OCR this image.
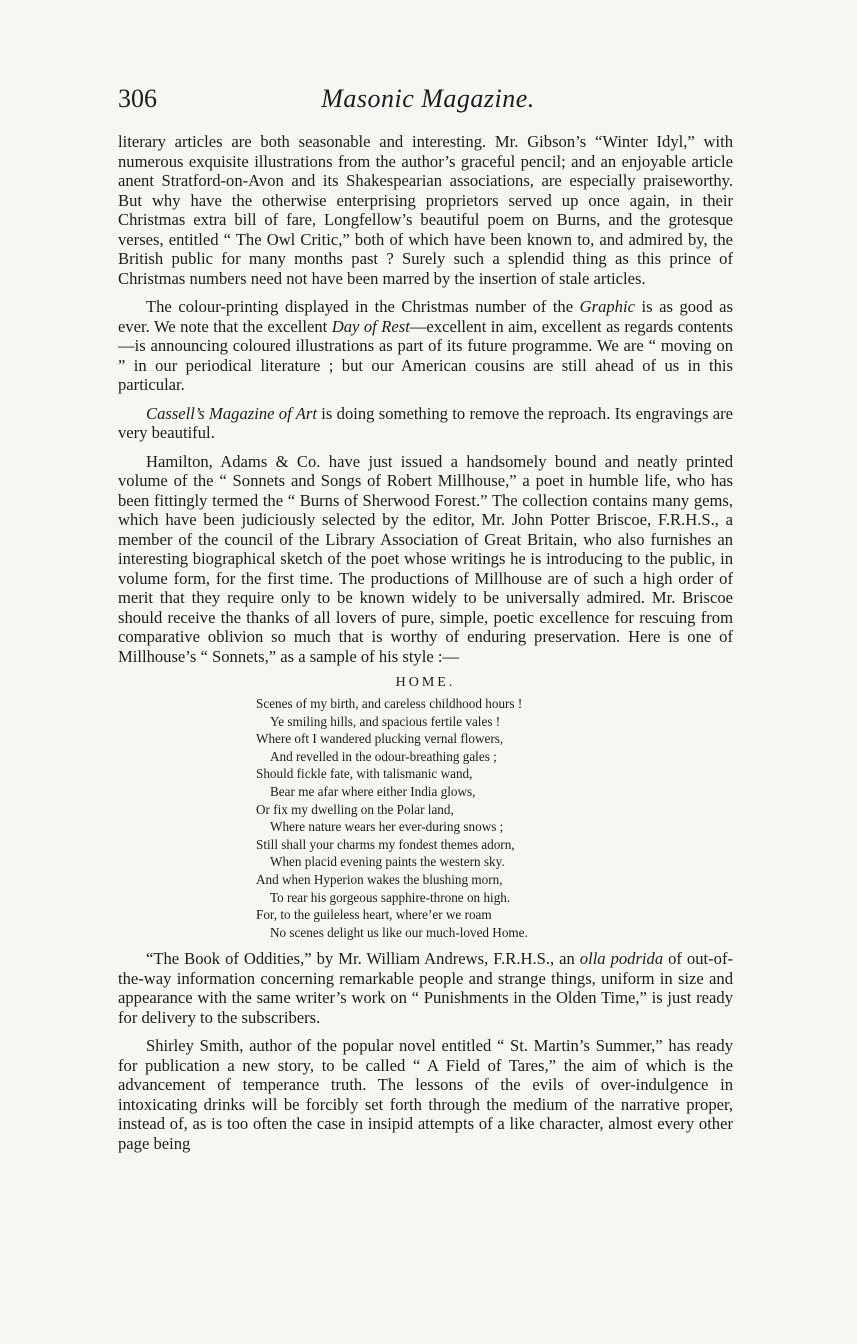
306	Masonic Magazine.

literary articles are both seasonable and interesting. Mr. Gibson’s “Winter Idyl,” with numerous exquisite illustrations from the author’s graceful pencil; and an enjoyable article anent Stratford-on-Avon and its Shakespearian associations, are especially praiseworthy. But why have the otherwise enterprising proprietors served up once again, in their Christmas extra bill of fare, Longfellow’s beautiful poem on Burns, and the grotesque verses, entitled “ The Owl Critic,” both of which have been known to, and admired by, the British public for many months past ? Surely such a splendid thing as this prince of Christmas numbers need not have been marred by the insertion of stale articles.

The colour-printing displayed in the Christmas number of the Graphic is as good as ever. We note that the excellent Day of Rest—excellent in aim, excellent as regards contents—is announcing coloured illustrations as part of its future programme. We are “ moving on ” in our periodical literature ; but our American cousins are still ahead of us in this particular.

Cassell’s Magazine of Art is doing something to remove the reproach. Its engravings are very beautiful.

Hamilton, Adams & Co. have just issued a handsomely bound and neatly printed volume of the “ Sonnets and Songs of Robert Millhouse,” a poet in humble life, who has been fittingly termed the “ Burns of Sherwood Forest.” The collection contains many gems, which have been judiciously selected by the editor, Mr. John Potter Briscoe, F.R.H.S., a member of the council of the Library Association of Great Britain, who also furnishes an interesting biographical sketch of the poet whose writings he is introducing to the public, in volume form, for the first time. The productions of Millhouse are of such a high order of merit that they require only to be known widely to be universally admired. Mr. Briscoe should receive the thanks of all lovers of pure, simple, poetic excellence for rescuing from comparative oblivion so much that is worthy of enduring preservation. Here is one of Millhouse’s “ Sonnets,” as a sample of his style :—

HOME.
Scenes of my birth, and careless childhood hours !
Ye smiling hills, and spacious fertile vales !
Where oft I wandered plucking vernal flowers,
And revelled in the odour-breathing gales ;
Should fickle fate, with talismanic wand,
Bear me afar where either India glows,
Or fix my dwelling on the Polar land,
Where nature wears her ever-during snows ;
Still shall your charms my fondest themes adorn,
When placid evening paints the western sky.
And when Hyperion wakes the blushing morn,
To rear his gorgeous sapphire-throne on high.
For, to the guileless heart, where’er we roam
No scenes delight us like our much-loved Home.

“The Book of Oddities,” by Mr. William Andrews, F.R.H.S., an olla podrida of out-of-the-way information concerning remarkable people and strange things, uniform in size and appearance with the same writer’s work on “ Punishments in the Olden Time,” is just ready for delivery to the subscribers.

Shirley Smith, author of the popular novel entitled “ St. Martin’s Summer,” has ready for publication a new story, to be called “ A Field of Tares,” the aim of which is the advancement of temperance truth. The lessons of the evils of over-indulgence in intoxicating drinks will be forcibly set forth through the medium of the narrative proper, instead of, as is too often the case in insipid attempts of a like character, almost every other page being
